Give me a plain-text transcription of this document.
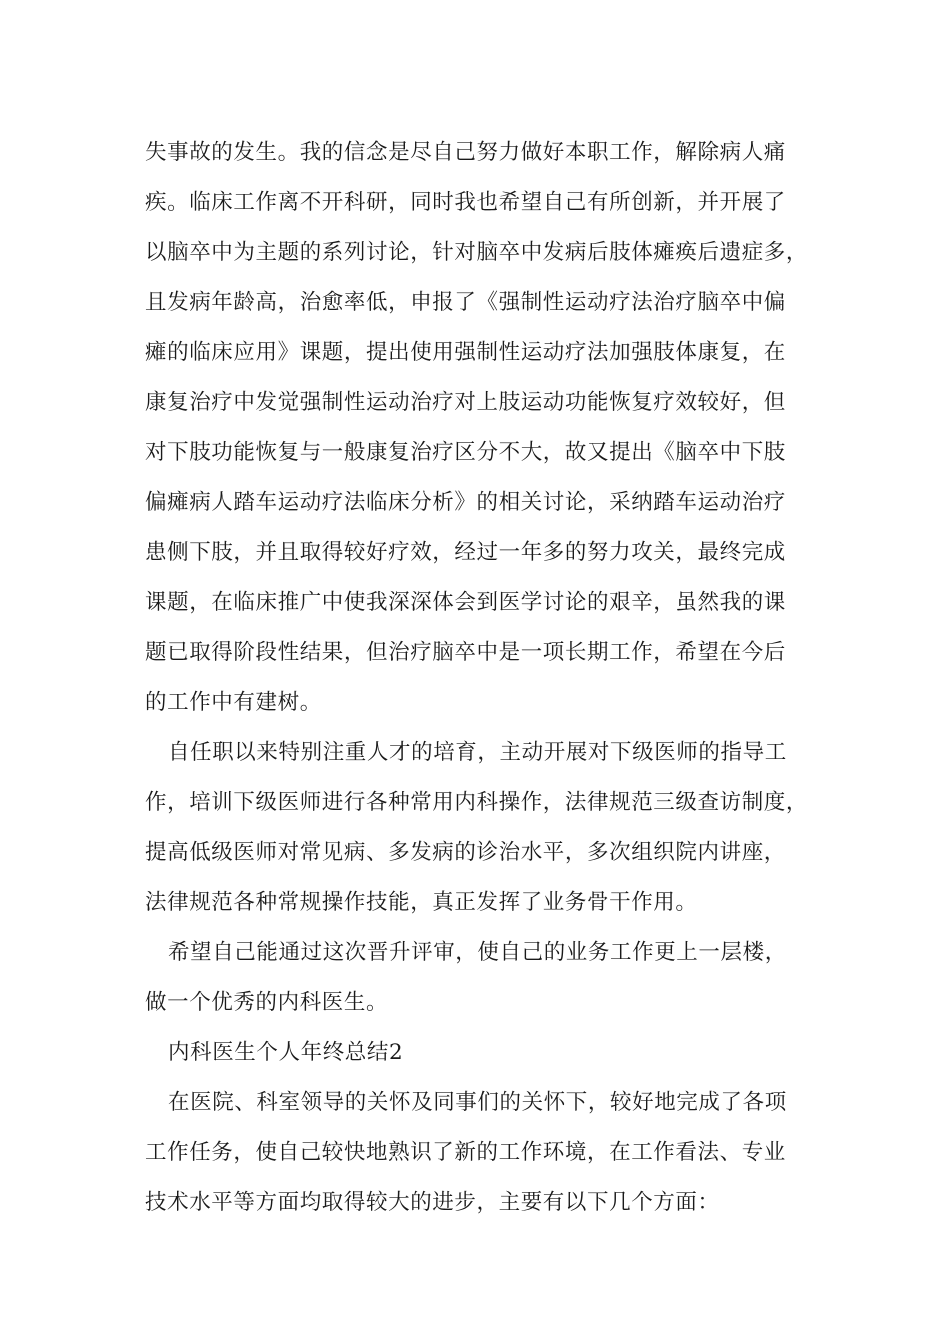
失事故的发生。我的信念是尽自己努力做好本职工作，解除病人痛
疾。临床工作离不开科研，同时我也希望自己有所创新，并开展了
以脑卒中为主题的系列讨论，针对脑卒中发病后肢体瘫痪后遗症多，
且发病年龄高，治愈率低，申报了《强制性运动疗法治疗脑卒中偏
瘫的临床应用》课题，提出使用强制性运动疗法加强肢体康复，在
康复治疗中发觉强制性运动治疗对上肢运动功能恢复疗效较好，但
对下肢功能恢复与一般康复治疗区分不大，故又提出《脑卒中下肢
偏瘫病人踏车运动疗法临床分析》的相关讨论，采纳踏车运动治疗
患侧下肢，并且取得较好疗效，经过一年多的努力攻关，最终完成
课题，在临床推广中使我深深体会到医学讨论的艰辛，虽然我的课
题已取得阶段性结果，但治疗脑卒中是一项长期工作，希望在今后
的工作中有建树。
自任职以来特别注重人才的培育，主动开展对下级医师的指导工
作，培训下级医师进行各种常用内科操作，法律规范三级查访制度，
提高低级医师对常见病、多发病的诊治水平，多次组织院内讲座，
法律规范各种常规操作技能，真正发挥了业务骨干作用。
希望自己能通过这次晋升评审，使自己的业务工作更上一层楼，
做一个优秀的内科医生。
内科医生个人年终总结2
在医院、科室领导的关怀及同事们的关怀下，较好地完成了各项
工作任务，使自己较快地熟识了新的工作环境，在工作看法、专业
技术水平等方面均取得较大的进步，主要有以下几个方面：
